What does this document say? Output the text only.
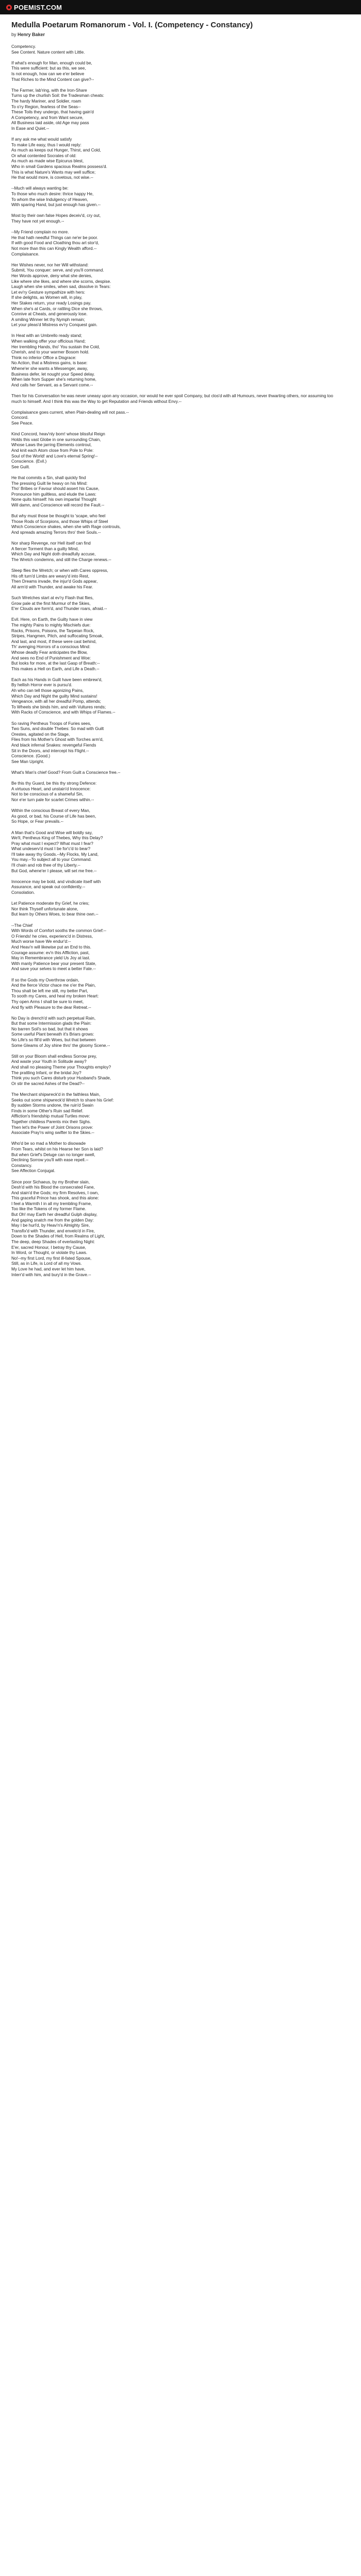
POEMIST.COM
Medulla Poetarum Romanorum - Vol. I. (Competency - Constancy)
by Henry Baker
Competency.
See Content. Nature content with Little.
If what's enough for Man, enough could be,
This were sufficient: but as this, we see,
Is not enough, how can we e'er believe
That Riches to the Mind Content can give?--
The Farmer, lab'ring, with the Iron-Share
Turns up the churlish Soil: the Tradesman cheats:
The hardy Mariner, and Soldier, roam
To o'ry Region, fearless of the Seas--
These Toils they undergo, that having gain'd
A Competency, and from Want secure,
All Business laid aside, old Age may pass
In Ease and Quiet.--
If any ask me what would satisfy
To make Life easy, thus I would reply:
As much as keeps out Hunger, Thirst, and Cold,
Or what contented Socrates of old:
As much as made wise Epicurus blest,
Who in small Gardens spacious Realms possess'd.
This is what Nature's Wants may well suffice;
He that would more, is covetous, not wise.--
--Much will always wanting be:
To those who much desire: thrice happy He,
To whom the wise Indulgency of Heaven,
With sparing Hand, but just enough has given.--
Most by their own false Hopes deceiv'd, cry out,
They have not yet enough.--
--My Friend complain no more.
He that hath needful Things can ne'er be poor.
If with good Food and Cloathing thou art stor'd,
Not more than this can Kingly Wealth afford.--
Complaisance.
Her Wishes never, nor her Will withstand:
Submit, You conquer: serve, and you'll command.
Her Words approve, deny what she denies,
Like where she likes, and where she scorns, despise.
Laugh when she smiles, when sad, dissolve in Tears:
Let ev'ry Gesture sympathize with hers:
If she delights, as Women will, in play,
Her Stakes return, your ready Losings pay.
When she's at Cards, or rattling Dice she throws,
Connive at Cheats, and generously lose.
A smiling Winner let thy Nymph remain;
Let your pleas'd Mistress ev'ry Conquest gain.
In Heat with an Umbrello ready stand;
When walking offer your officious Hand;
Her trembling Hands, tho' You sustain the Cold,
Cherish, and to your warmer Bosom hold.
Think no inferior Office a Disgrace:
No Action, that a Mistress gains, is base:
Whene'er she wants a Messenger, away,
Business defer, let nought your Speed delay.
When late from Supper she's returning home,
And calls her Servant, as a Servant come.--
Then for his Conversation he was never uneasy upon any occasion, nor would he ever spoil Company, but clos'd with all Humours, never thwarting others, nor assuming too much to himself. And I think this was the Way to get Reputation and Friends without Envy.--
Complaisance goes current, when Plain-dealing will not pass.--
Concord.
See Peace.
Kind Concord, heav'nly born! whose blissful Reign
Holds this vast Globe in one surrounding Chain,
Whose Laws the jarring Elements controul,
And knit each Atom close from Pole to Pole:
Soul of the World! and Love's eternal Spring!--
Conscience. (Evil.)
See Guilt.
He that commits a Sin, shall quickly find
The pressing Guilt lie heavy on his Mind:
Tho' Bribes or Favour should assert his Cause,
Pronounce him guiltless, and elude the Laws:
None quits himself: his own impartial Thought
Will damn, and Conscience will record the Fault.--
But why must those be thought to 'scape, who feel
Those Rods of Scorpions, and those Whips of Steel
Which Conscience shakes, when she with Rage controuls,
And spreads amazing Terrors thro' their Souls.--
Nor sharp Revenge, nor Hell itself can find
A fiercer Torment than a guilty Mind,
Which Day and Night doth dreadfully accuse,
The Wretch condemns, and still the Charge renews.--
Sleep flies the Wretch; or when with Cares oppress,
His oft turn'd Limbs are weary'd into Rest,
Then Dreams invade, the injur'd Gods appear,
All arm'd with Thunder, and awake his Fear.
Such Wretches start at ev'ry Flash that flies,
Grow pale at the first Murmur of the Skies,
E'er Clouds are form'd, and Thunder roars, afraid.--
Evil. Here, on Earth, the Guilty have in view
The mighty Pains to mighty Mischiefs due:
Racks, Prisons, Poisons, the Tarpeian Rock,
Stripes, Hangmen, Pitch, and suffocating Smoak,
And last, and most, if these were cast behind,
Th' avenging Horrors of a conscious Mind:
Whose deadly Fear anticipates the Blow,
And sees no End of Punishment and Woe:
But looks for more, at the last Gasp of Breath:--
This makes a Hell on Earth, and Life a Death.--
Each as his Hands in Guilt have been embrew'd,
By hellish Horror ever is pursu'd.
Ah who can tell those agonizing Pains,
Which Day and Night the guilty Mind sustains!
Vengeance, with all her dreadful Pomp, attends;
To Wheels she binds him, and with Vultures rends;
With Racks of Conscience, and with Whips of Flames.--
So raving Pentheus Troops of Furies sees,
Two Suns, and double Thebes: So mad with Guilt
Orestes, agitated on the Stage,
Flies from his Mother's Ghost with Torches arm'd,
And black infernal Snakes: revengeful Fiends
Sit in the Doors, and intercept his Flight.--
Conscience. (Good.)
See Man Upright.
What's Man's chief Good? From Guilt a Conscience free.--
Be this thy Guard, be this thy strong Defence:
A virtuous Heart, and unstain'd Innocence:
Not to be conscious of a shameful Sin,
Nor e'er turn pale for scarlet Crimes within.--
Within the conscious Breast of every Man,
As good, or bad, his Course of Life has been,
So Hope, or Fear prevails.--
A Man that's Good and Wise will boldly say,
We'll, Pentheus King of Thebes, Why this Delay?
Pray what must I expect? What must I fear?
What undeserv'd must I be for'c'd to bear?
I'll take away thy Goods.--My Flocks, My Land,
You may.--To subject all to your Command.
I'll chain and rob thee of thy Liberty.--
But God, whene'er I please, will set me free.--
Innocence may be bold, and vindicate itself with
Assurance, and speak out confidently.--
Consolation.
Let Patience moderate thy Grief, he cries;
Nor think Thyself unfortunate alone,
But learn by Others Woes, to bear thine own.--
--The Chief
With Words of Comfort sooths the common Grief:--
O Friends! he cries, experienc'd in Distress,
Much worse have We endur'd:--
And Heav'n will likewise put an End to this.
Courage assume: ev'n this Affliction, past,
May in Remembrance yield Us Joy at last.
With manly Patience bear your present State,
And save your selves to meet a better Fate.--
If so the Gods my Overthrow ordain,
And the fierce Victor chace me o'er the Plain,
Thou shalt be left me still, my better Part,
To sooth my Cares, and heal my broken Heart:
Thy open Arms I shall be sure to meet,
And fly with Pleasure to the dear Retreat.--
No Day is drench'd with such perpetual Rain,
But that some Intermission glads the Plain:
No barren Soil's so bad, but that it shows
Some useful Plant beneath it's Briars grows:
No Life's so fill'd with Woes, but that between
Some Gleams of Joy shine thro' the gloomy Scene.--
Still on your Bloom shall endless Sorrow prey,
And waste your Youth in Solitude away?
And shall no pleasing Theme your Thoughts employ?
The prattling Infant, or the bridal Joy?
Think you such Cares disturb your Husband's Shade,
Or stir the sacred Ashes of the Dead?--
The Merchant shipwreck'd in the faithless Main,
Seeks out some shipwreck'd Wretch to share his Grief:
By sudden Storms undone, the ruin'd Swain
Finds in some Other's Ruin sad Relief.
Affliction's friendship mutual Turtles move:
Together childless Parents mix their Sighs.
Then let's the Power of Joint Orisons prove:
Associate Pray'rs wing swifter to the Skies.--
Who'd be so mad a Mother to disowade
From Tears, whilst on his Hearse her Son is laid?
But when Grief's Deluge can no longer swell,
Declining Sorrow you'll with ease repell.--
Constancy.
See Affection Conjugal.
Since poor Sichaeus, by my Brother slain,
Desh'd with his Blood the consecrated Fane,
And stain'd the Gods; my firm Resolves, I own,
This graceful Prince has shook, and this alone:
I feel a Warmth I in all my trembling Frame,
Too like the Tokens of my former Flame.
But Oh! may Earth her dreadful Gulph display,
And gaping snatch me from the golden Day:
May I be hurl'd, by Heav'n's Almighty Sire,
Transfix'd with Thunder, and envelo'd in Fire,
Down to the Shades of Hell, from Realms of Light,
The deep, deep Shades of everlasting Night:
E'er, sacred Honour, I betray thy Cause,
In Word, or Thought, or violate thy Laws.
No!--my first Lord, my first ill-fated Spouse,
Still, as in Life, is Lord of all my Vows.
My Love he had, and ever let him have,
Interr'd with him, and bury'd in the Grave.--
